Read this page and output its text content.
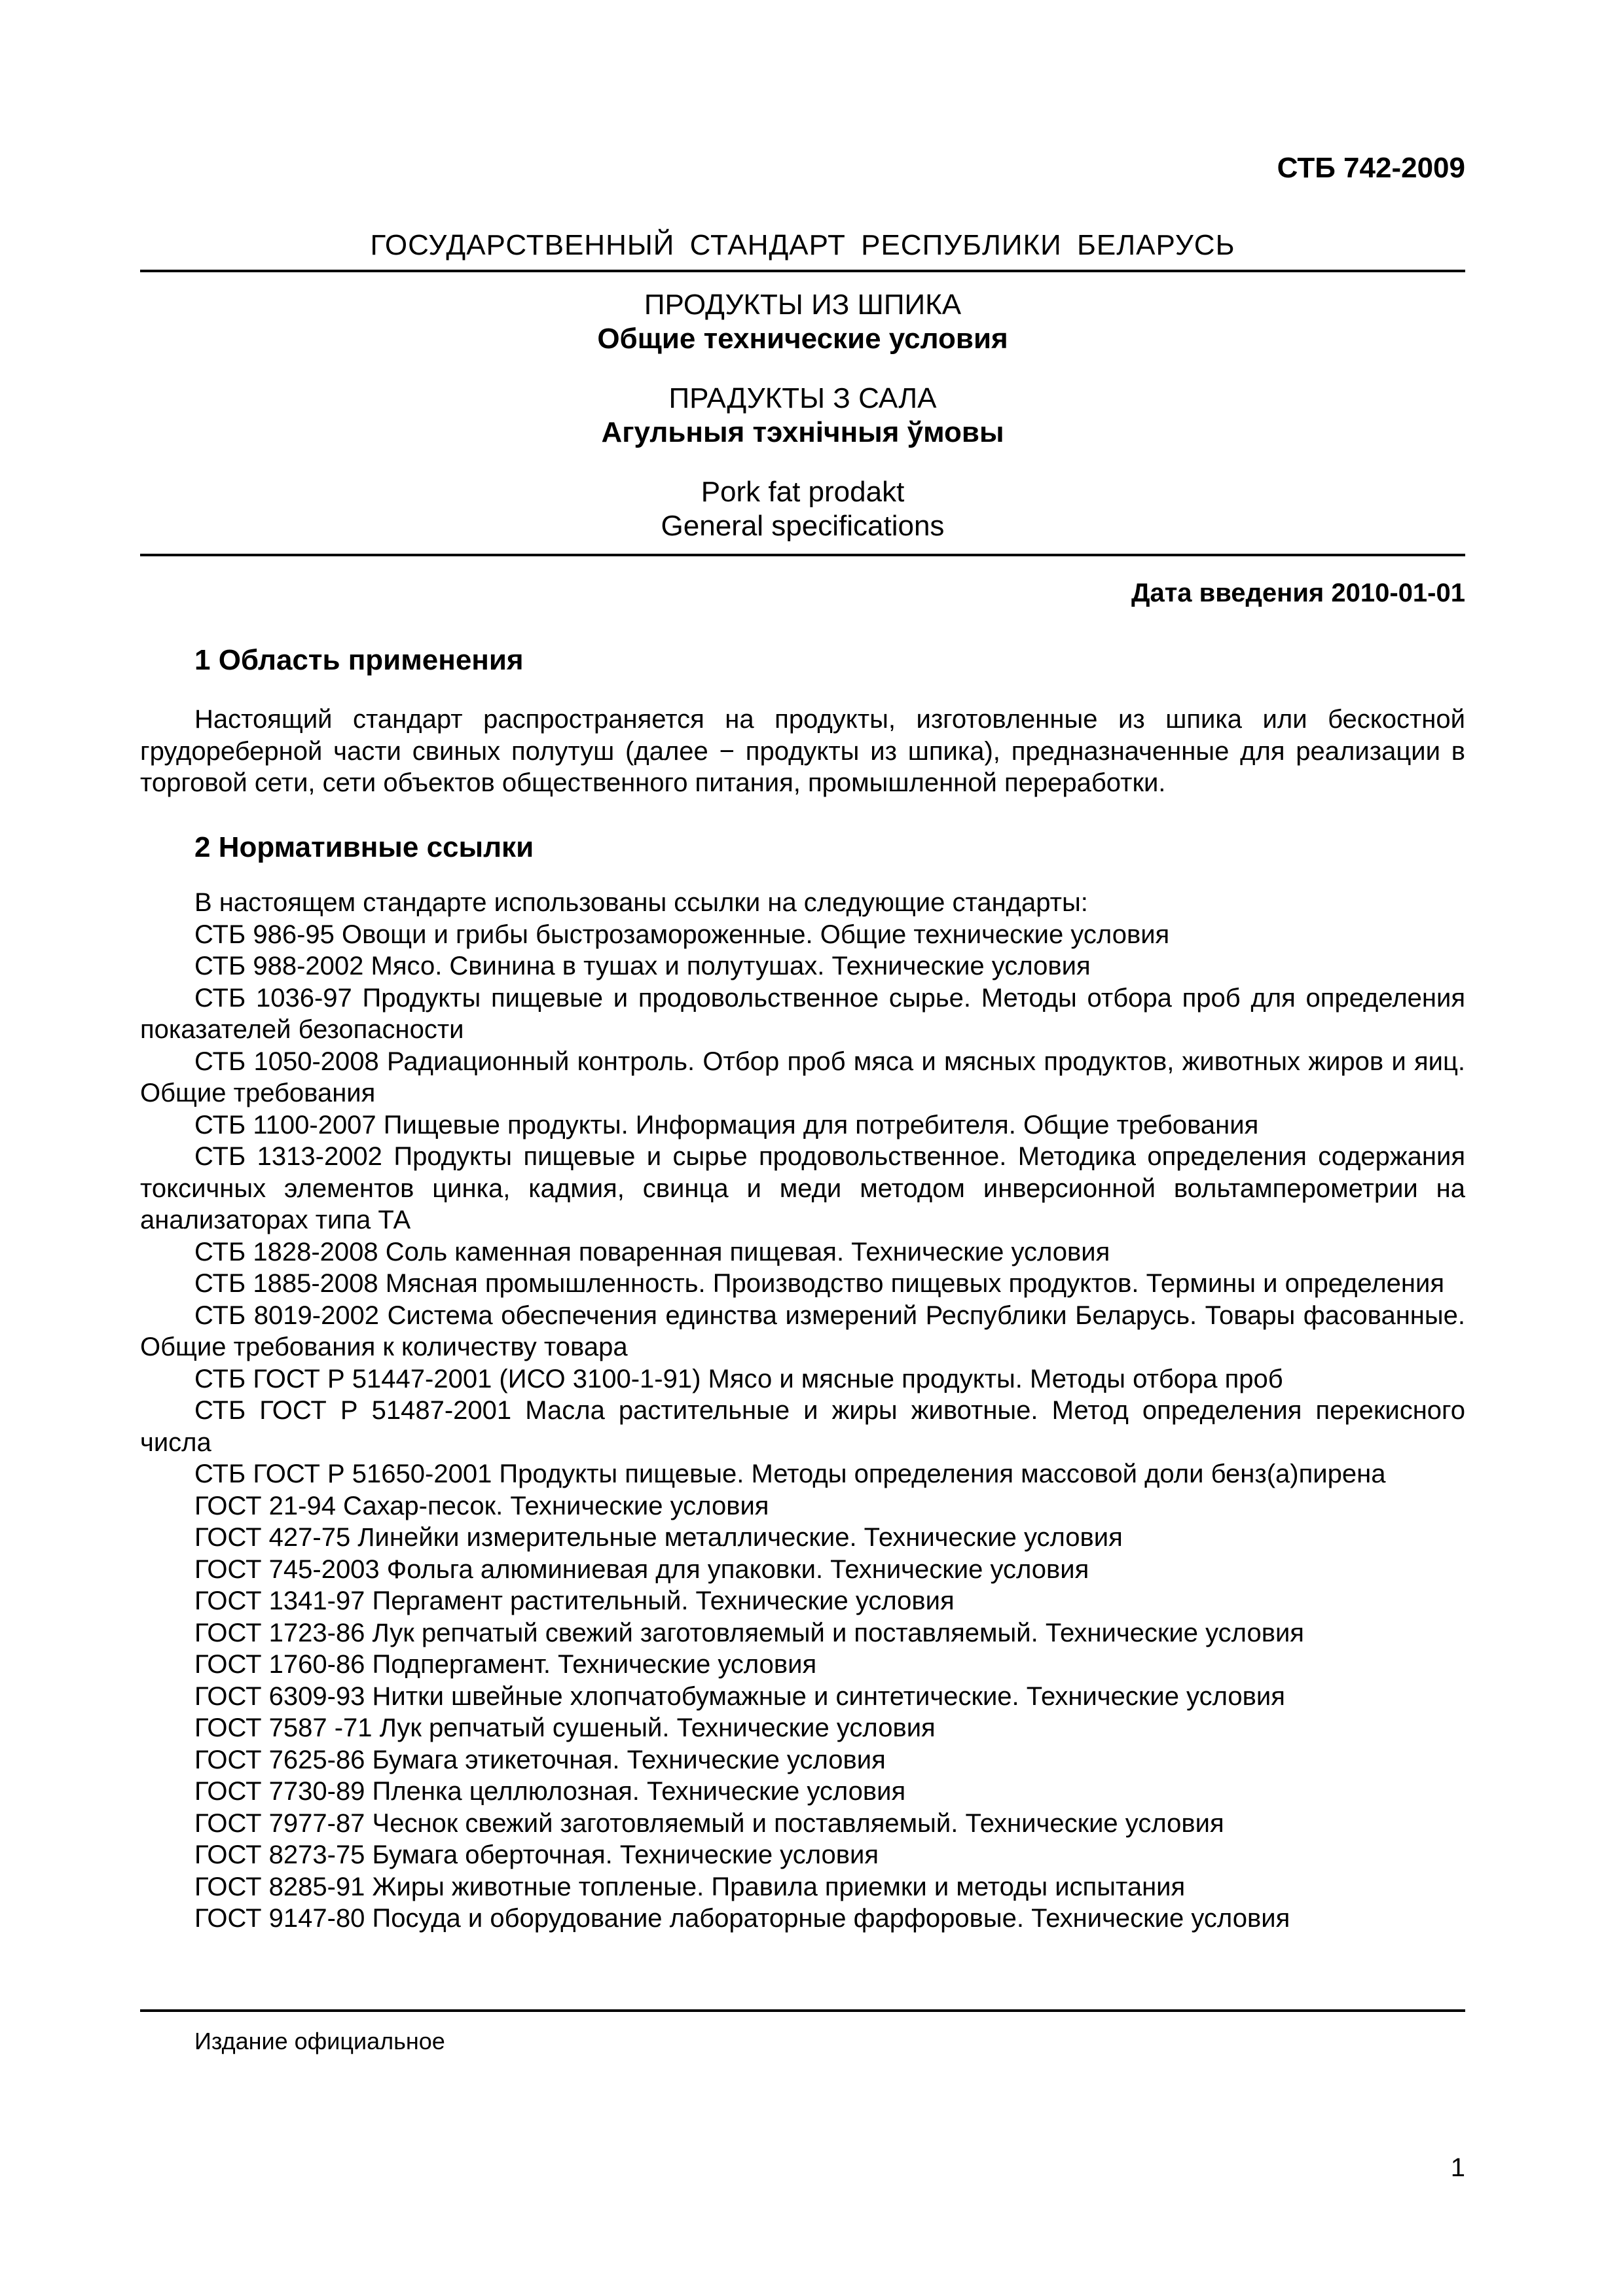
СТБ 742-2009
ГОСУДАРСТВЕННЫЙ СТАНДАРТ РЕСПУБЛИКИ БЕЛАРУСЬ
ПРОДУКТЫ ИЗ ШПИКА
Общие технические условия
ПРАДУКТЫ З САЛА
Агульныя тэхнічныя ўмовы
Pork fat prodakt
General specifications
Дата введения 2010-01-01
1 Область применения

Настоящий стандарт распространяется на продукты, изготовленные из шпика или бескостной грудореберной части свиных полутуш (далее − продукты из шпика), предназначенные для реализации в торговой сети, сети объектов общественного питания, промышленной переработки.

2 Нормативные ссылки

В настоящем стандарте использованы ссылки на следующие стандарты:

СТБ 986-95 Овощи и грибы быстрозамороженные. Общие технические условия

СТБ 988-2002 Мясо. Свинина в тушах и полутушах. Технические условия

СТБ 1036-97 Продукты пищевые и продовольственное сырье. Методы отбора проб для определения показателей безопасности

СТБ 1050-2008 Радиационный контроль. Отбор проб мяса и мясных продуктов, животных жиров и яиц. Общие требования

СТБ 1100-2007 Пищевые продукты. Информация для потребителя. Общие требования

СТБ 1313-2002 Продукты пищевые и сырье продовольственное. Методика определения содержания токсичных элементов цинка, кадмия, свинца и меди методом инверсионной вольтамперометрии на анализаторах типа ТА

СТБ 1828-2008 Соль каменная поваренная пищевая. Технические условия

СТБ 1885-2008 Мясная промышленность. Производство пищевых продуктов. Термины и определения

СТБ 8019-2002 Система обеспечения единства измерений Республики Беларусь. Товары фасованные. Общие требования к количеству товара

СТБ ГОСТ Р 51447-2001 (ИСО 3100-1-91) Мясо и мясные продукты. Методы отбора проб

СТБ ГОСТ Р 51487-2001 Масла растительные и жиры животные. Метод определения перекисного числа

СТБ ГОСТ Р 51650-2001 Продукты пищевые. Методы определения массовой доли бенз(а)пирена

ГОСТ 21-94 Сахар-песок. Технические условия

ГОСТ 427-75 Линейки измерительные металлические. Технические условия

ГОСТ 745-2003 Фольга алюминиевая для упаковки. Технические условия

ГОСТ 1341-97 Пергамент растительный. Технические условия

ГОСТ 1723-86 Лук репчатый свежий заготовляемый и поставляемый. Технические условия

ГОСТ 1760-86 Подпергамент. Технические условия

ГОСТ 6309-93 Нитки швейные хлопчатобумажные и синтетические. Технические условия

ГОСТ 7587 -71 Лук репчатый сушеный. Технические условия

ГОСТ 7625-86 Бумага этикеточная. Технические условия

ГОСТ 7730-89 Пленка целлюлозная. Технические условия

ГОСТ 7977-87 Чеснок свежий заготовляемый и поставляемый. Технические условия

ГОСТ 8273-75 Бумага оберточная. Технические условия

ГОСТ 8285-91 Жиры животные топленые. Правила приемки и методы испытания

ГОСТ 9147-80 Посуда и оборудование лабораторные фарфоровые. Технические условия

Издание официальное
1
